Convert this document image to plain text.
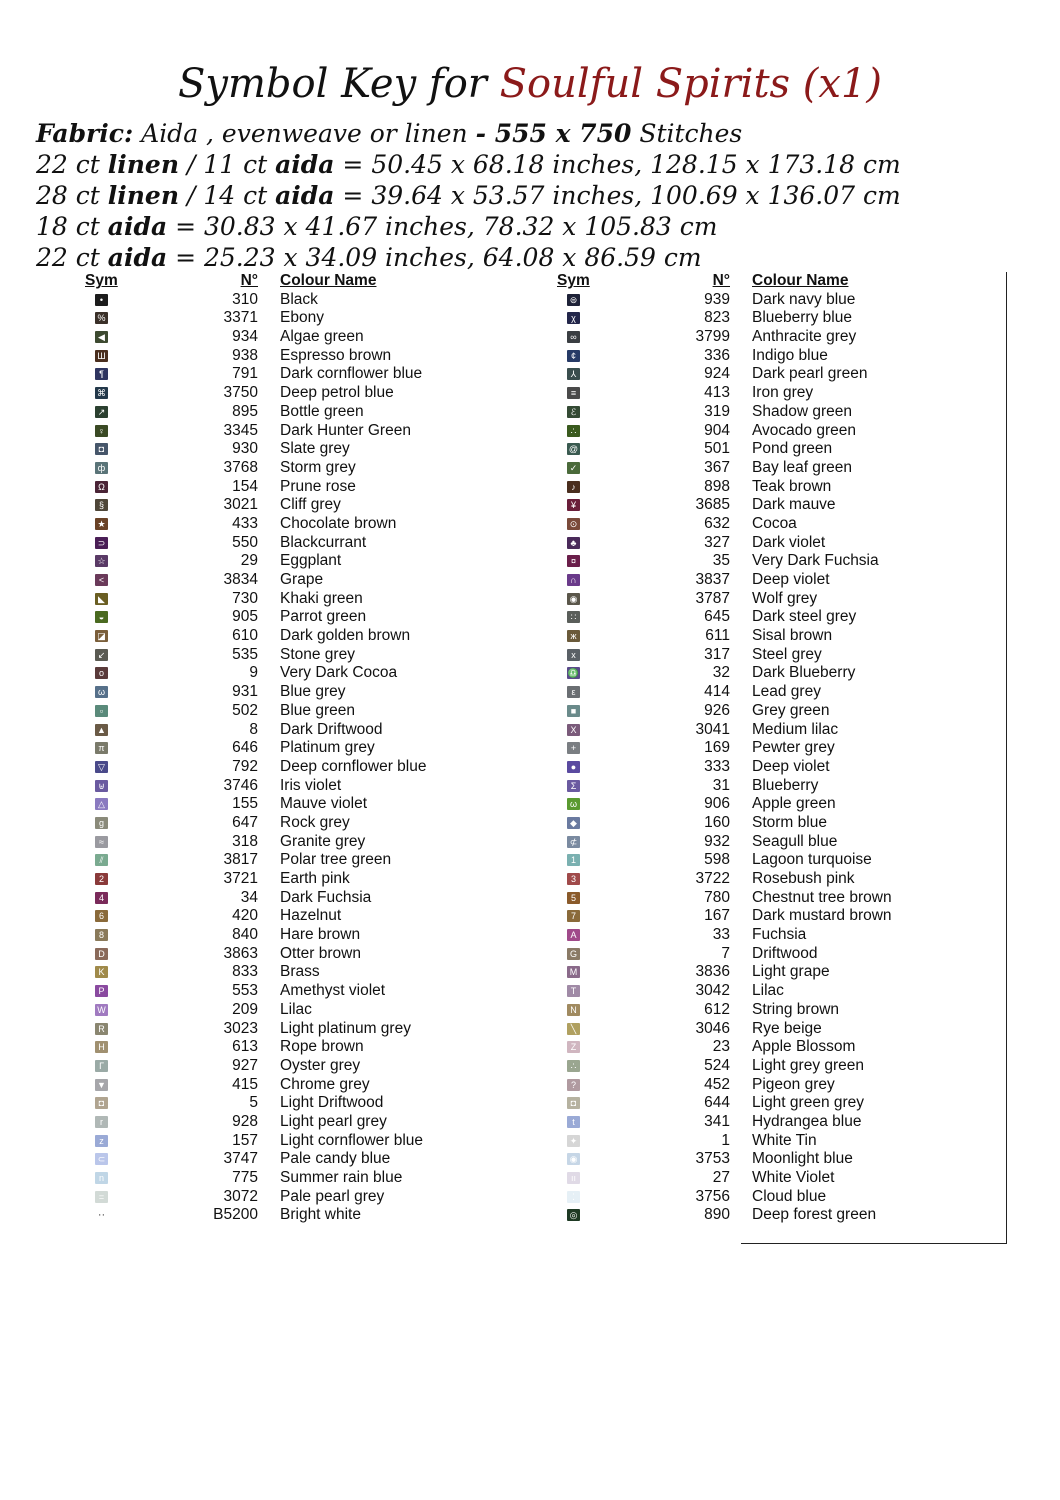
Symbol Key for Soulful Spirits (x1)
Fabric: Aida , evenweave or linen - 555 x 750 Stitches
22 ct linen / 11 ct aida = 50.45 x 68.18 inches, 128.15 x 173.18 cm
28 ct linen / 14 ct aida = 39.64 x 53.57 inches, 100.69 x 136.07 cm
18 ct aida = 30.83 x 41.67 inches, 78.32 x 105.83 cm
22 ct aida = 25.23 x 34.09 inches, 64.08 x 86.59 cm
Sym	N° Colour Name
•	310 Black
%	3371 Ebony
◀	934 Algae green
Ш	938 Espresso brown
¶	791 Dark cornflower blue
⌘	3750 Deep petrol blue
↗	895 Bottle green
♀	3345 Dark Hunter Green
◘	930 Slate grey
ф	3768 Storm grey
Ω	154 Prune rose
§	3021 Cliff grey
★	433 Chocolate brown
⊃	550 Blackcurrant
☆	29 Eggplant
<	3834 Grape
◣	730 Khaki green
◒	905 Parrot green
◪	610 Dark golden brown
↙	535 Stone grey
o	9 Very Dark Cocoa
ω	931 Blue grey
▫	502 Blue green
▲	8 Dark Driftwood
π	646 Platinum grey
▽	792 Deep cornflower blue
⊎	3746 Iris violet
△	155 Mauve violet
g	647 Rock grey
≈	318 Granite grey
⫽	3817 Polar tree green
2	3721 Earth pink
4	34 Dark Fuchsia
6	420 Hazelnut
8	840 Hare brown
D	3863 Otter brown
K	833 Brass
P	553 Amethyst violet
W	209 Lilac
R	3023 Light platinum grey
H	613 Rope brown
Г	927 Oyster grey
▼	415 Chrome grey
◘	5 Light Driftwood
r	928 Light pearl grey
z	157 Light cornflower blue
⊂	3747 Pale candy blue
n	775 Summer rain blue
=	3072 Pale pearl grey
··	B5200 Bright white
Sym	N° Colour Name
⊜	939 Dark navy blue
χ	823 Blueberry blue
∞	3799 Anthracite grey
¢	336 Indigo blue
⅄	924 Dark pearl green
≡	413 Iron grey
ℰ	319 Shadow green
∴	904 Avocado green
@	501 Pond green
✓	367 Bay leaf green
♪	898 Teak brown
¥	3685 Dark mauve
⊙	632 Cocoa
♣	327 Dark violet
¤	35 Very Dark Fuchsia
∩	3837 Deep violet
◉	3787 Wolf grey
∷	645 Dark steel grey
ж	611 Sisal brown
x	317 Steel grey
♎	32 Dark Blueberry
ε	414 Lead grey
■	926 Grey green
X	3041 Medium lilac
+	169 Pewter grey
●	333 Deep violet
Σ	31 Blueberry
ω	906 Apple green
◆	160 Storm blue
⊄	932 Seagull blue
1	598 Lagoon turquoise
3	3722 Rosebush pink
5	780 Chestnut tree brown
7	167 Dark mustard brown
A	33 Fuchsia
G	7 Driftwood
M	3836 Light grape
T	3042 Lilac
N	612 String brown
╲	3046 Rye beige
Z	23 Apple Blossom
∴	524 Light grey green
?	452 Pigeon grey
◘	644 Light green grey
t	341 Hydrangea blue
✦	1 White Tin
◉	3753 Moonlight blue
ıı	27 White Violet
⁚	3756 Cloud blue
◎	890 Deep forest green
